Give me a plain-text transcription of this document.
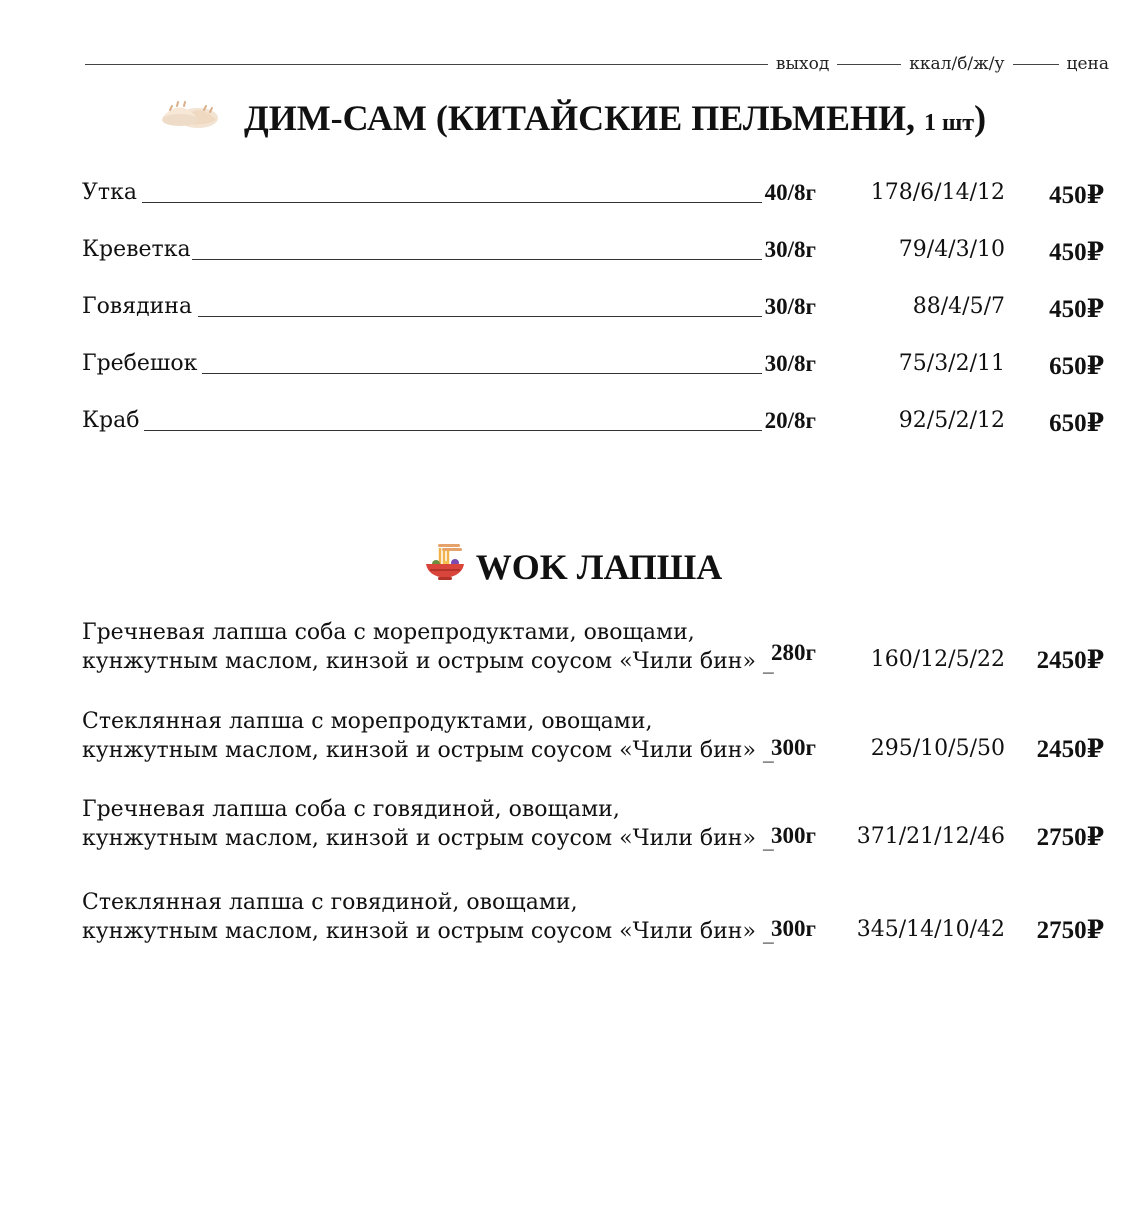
выход	ккал/б/ж/у	цена
ДИМ-САМ (КИТАЙСКИЕ ПЕЛЬМЕНИ, 1 шт)
Утка	40/8г 178/6/14/12 450₽
Креветка	30/8г	79/4/3/10 450₽
Говядина	30/8г	88/4/5/7 450₽
Гребешок	30/8г	75/3/2/11 650₽
Краб	20/8г	92/5/2/12 650₽
WOK ЛАПША
Гречневая лапша соба с морепродуктами, овощами,
кунжутным маслом, кинзой и острым соусом «Чили бин» _
280г 160/12/5/22 2450₽
Стеклянная лапша с морепродуктами, овощами,
кунжутным маслом, кинзой и острым соусом «Чили бин» _
300г 295/10/5/50 2450₽
Гречневая лапша соба с говядиной, овощами,
кунжутным маслом, кинзой и острым соусом «Чили бин» _
300г 371/21/12/46 2750₽
Стеклянная лапша с говядиной, овощами,
кунжутным маслом, кинзой и острым соусом «Чили бин» _
300г 345/14/10/42 2750₽
